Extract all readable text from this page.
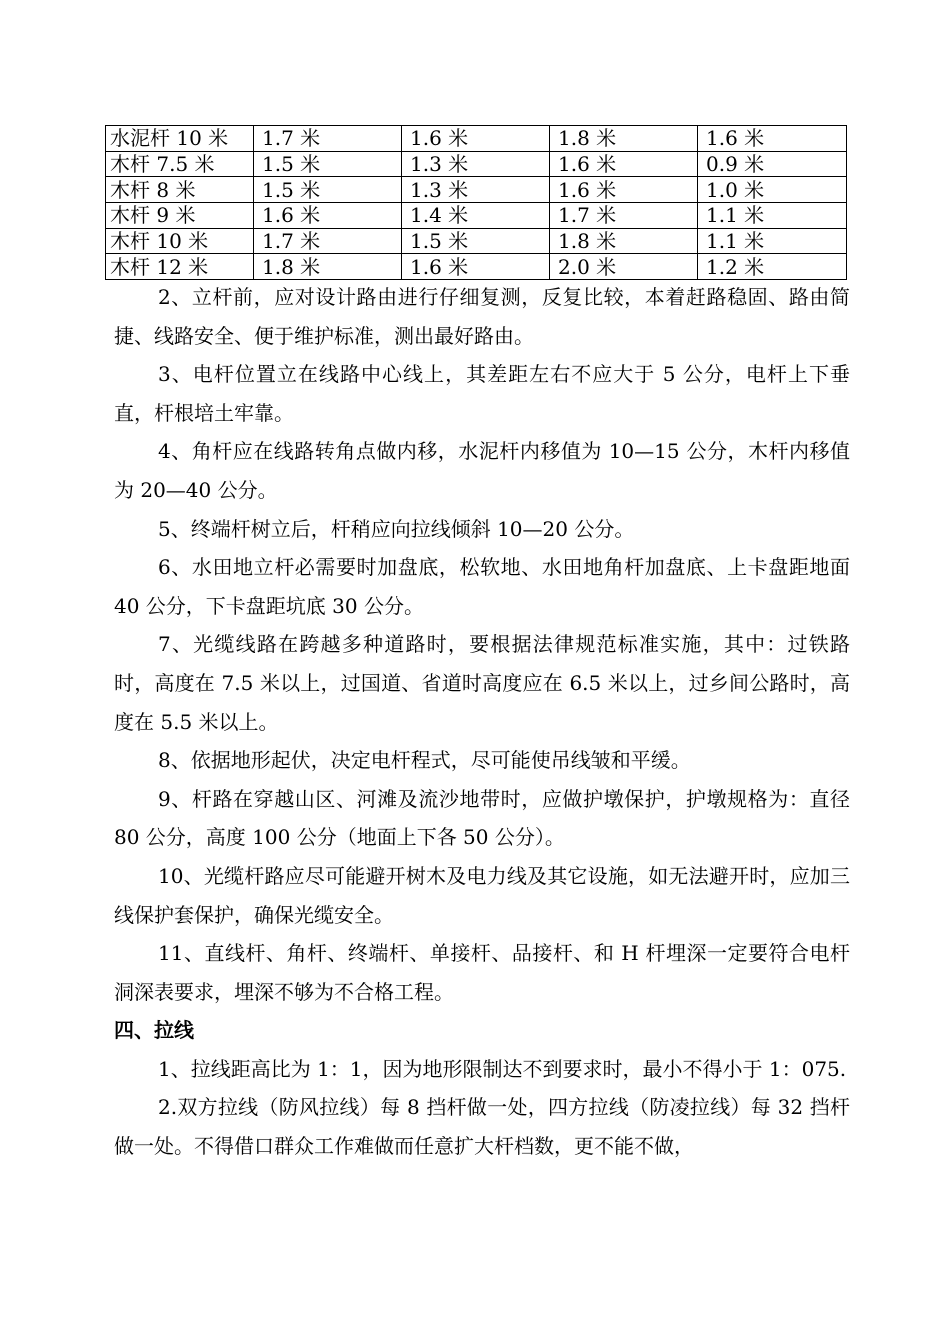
水泥杆 10 米	1.7 米	1.6 米	1.8 米	1.6 米
木杆 7.5 米	1.5 米	1.3 米	1.6 米	0.9 米
木杆 8 米	1.5 米	1.3 米	1.6 米	1.0 米
木杆 9 米	1.6 米	1.4 米	1.7 米	1.1 米
木杆 10 米	1.7 米	1.5 米	1.8 米	1.1 米
木杆 12 米	1.8 米	1.6 米	2.0 米	1.2 米

2、立杆前，应对设计路由进行仔细复测，反复比较，本着赶路稳固、路由简捷、线路安全、便于维护标准，测出最好路由。

3、电杆位置立在线路中心线上，其差距左右不应大于 5 公分，电杆上下垂直，杆根培土牢靠。

4、角杆应在线路转角点做内移，水泥杆内移值为 10—15 公分，木杆内移值为 20—40 公分。

5、终端杆树立后，杆稍应向拉线倾斜 10—20 公分。

6、水田地立杆必需要时加盘底，松软地、水田地角杆加盘底、上卡盘距地面 40 公分，下卡盘距坑底 30 公分。

7、光缆线路在跨越多种道路时，要根据法律规范标准实施，其中：过铁路时，高度在 7.5 米以上，过国道、省道时高度应在 6.5 米以上，过乡间公路时，高度在 5.5 米以上。

8、依据地形起伏，决定电杆程式，尽可能使吊线皱和平缓。

9、杆路在穿越山区、河滩及流沙地带时，应做护墩保护，护墩规格为：直径 80 公分，高度 100 公分（地面上下各 50 公分）。

10、光缆杆路应尽可能避开树木及电力线及其它设施，如无法避开时，应加三线保护套保护，确保光缆安全。

11、直线杆、角杆、终端杆、单接杆、品接杆、和 H 杆埋深一定要符合电杆洞深表要求，埋深不够为不合格工程。

四、拉线

1、拉线距高比为 1：1，因为地形限制达不到要求时，最小不得小于 1：075.

2.双方拉线（防风拉线）每 8 挡杆做一处，四方拉线（防凌拉线）每 32 挡杆做一处。不得借口群众工作难做而任意扩大杆档数，更不能不做，
